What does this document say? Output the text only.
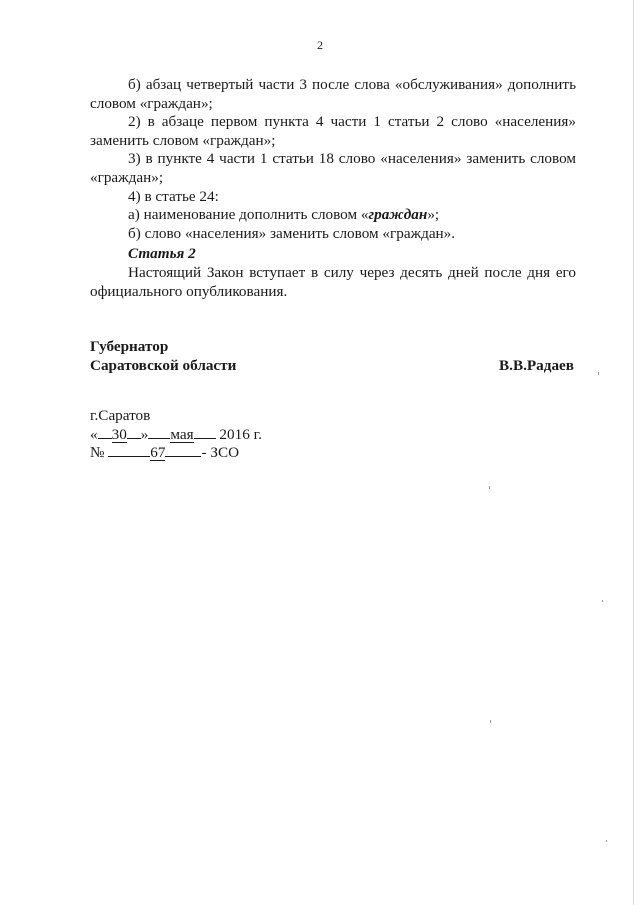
2

б) абзац четвертый части 3 после слова «обслуживания» дополнить словом «граждан»;

2) в абзаце первом пункта 4 части 1 статьи 2 слово «населения» заменить словом «граждан»;

3) в пункте 4 части 1 статьи 18 слово «населения» заменить словом «граждан»;

4) в статье 24:

а) наименование дополнить словом «граждан»;

б) слово «населения» заменить словом «граждан».

Статья 2

Настоящий Закон вступает в силу через десять дней после дня его официального опубликования.

Губернатор
Саратовской области	В.В.Радаев
г.Саратов
« 30 » мая 2016 г.
№	67 - ЗСО
